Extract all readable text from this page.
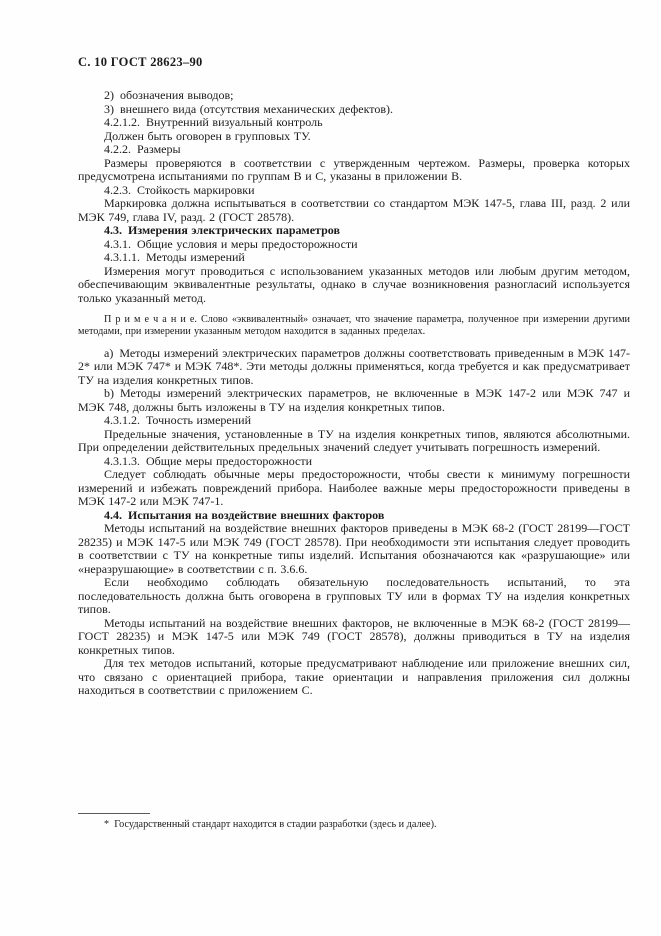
С. 10 ГОСТ 28623–90

2) обозначения выводов;

3) внешнего вида (отсутствия механических дефектов).

4.2.1.2. Внутренний визуальный контроль

Должен быть оговорен в групповых ТУ.

4.2.2. Размеры

Размеры проверяются в соответствии с утвержденным чертежом. Размеры, проверка которых предусмотрена испытаниями по группам В и С, указаны в приложении В.

4.2.3. Стойкость маркировки

Маркировка должна испытываться в соответствии со стандартом МЭК 147-5, глава III, разд. 2 или МЭК 749, глава IV, разд. 2 (ГОСТ 28578).

4.3. Измерения электрических параметров

4.3.1. Общие условия и меры предосторожности

4.3.1.1. Методы измерений

Измерения могут проводиться с использованием указанных методов или любым другим методом, обеспечивающим эквивалентные результаты, однако в случае возникновения разногласий используется только указанный метод.

П р и м е ч а н и е. Слово «эквивалентный» означает, что значение параметра, полученное при измерении другими методами, при измерении указанным методом находится в заданных пределах.

a) Методы измерений электрических параметров должны соответствовать приведенным в МЭК 147-2* или МЭК 747* и МЭК 748*. Эти методы должны применяться, когда требуется и как предусматривает ТУ на изделия конкретных типов.

b) Методы измерений электрических параметров, не включенные в МЭК 147-2 или МЭК 747 и МЭК 748, должны быть изложены в ТУ на изделия конкретных типов.

4.3.1.2. Точность измерений

Предельные значения, установленные в ТУ на изделия конкретных типов, являются абсолютными. При определении действительных предельных значений следует учитывать погрешность измерений.

4.3.1.3. Общие меры предосторожности

Следует соблюдать обычные меры предосторожности, чтобы свести к минимуму погрешности измерений и избежать повреждений прибора. Наиболее важные меры предосторожности приведены в МЭК 147-2 или МЭК 747-1.

4.4. Испытания на воздействие внешних факторов

Методы испытаний на воздействие внешних факторов приведены в МЭК 68-2 (ГОСТ 28199—ГОСТ 28235) и МЭК 147-5 или МЭК 749 (ГОСТ 28578). При необходимости эти испытания следует проводить в соответствии с ТУ на конкретные типы изделий. Испытания обозначаются как «разрушающие» или «неразрушающие» в соответствии с п. 3.6.6.

Если необходимо соблюдать обязательную последовательность испытаний, то эта последовательность должна быть оговорена в групповых ТУ или в формах ТУ на изделия конкретных типов.

Методы испытаний на воздействие внешних факторов, не включенные в МЭК 68-2 (ГОСТ 28199—ГОСТ 28235) и МЭК 147-5 или МЭК 749 (ГОСТ 28578), должны приводиться в ТУ на изделия конкретных типов.

Для тех методов испытаний, которые предусматривают наблюдение или приложение внешних сил, что связано с ориентацией прибора, такие ориентации и направления приложения сил должны находиться в соответствии с приложением С.

* Государственный стандарт находится в стадии разработки (здесь и далее).
